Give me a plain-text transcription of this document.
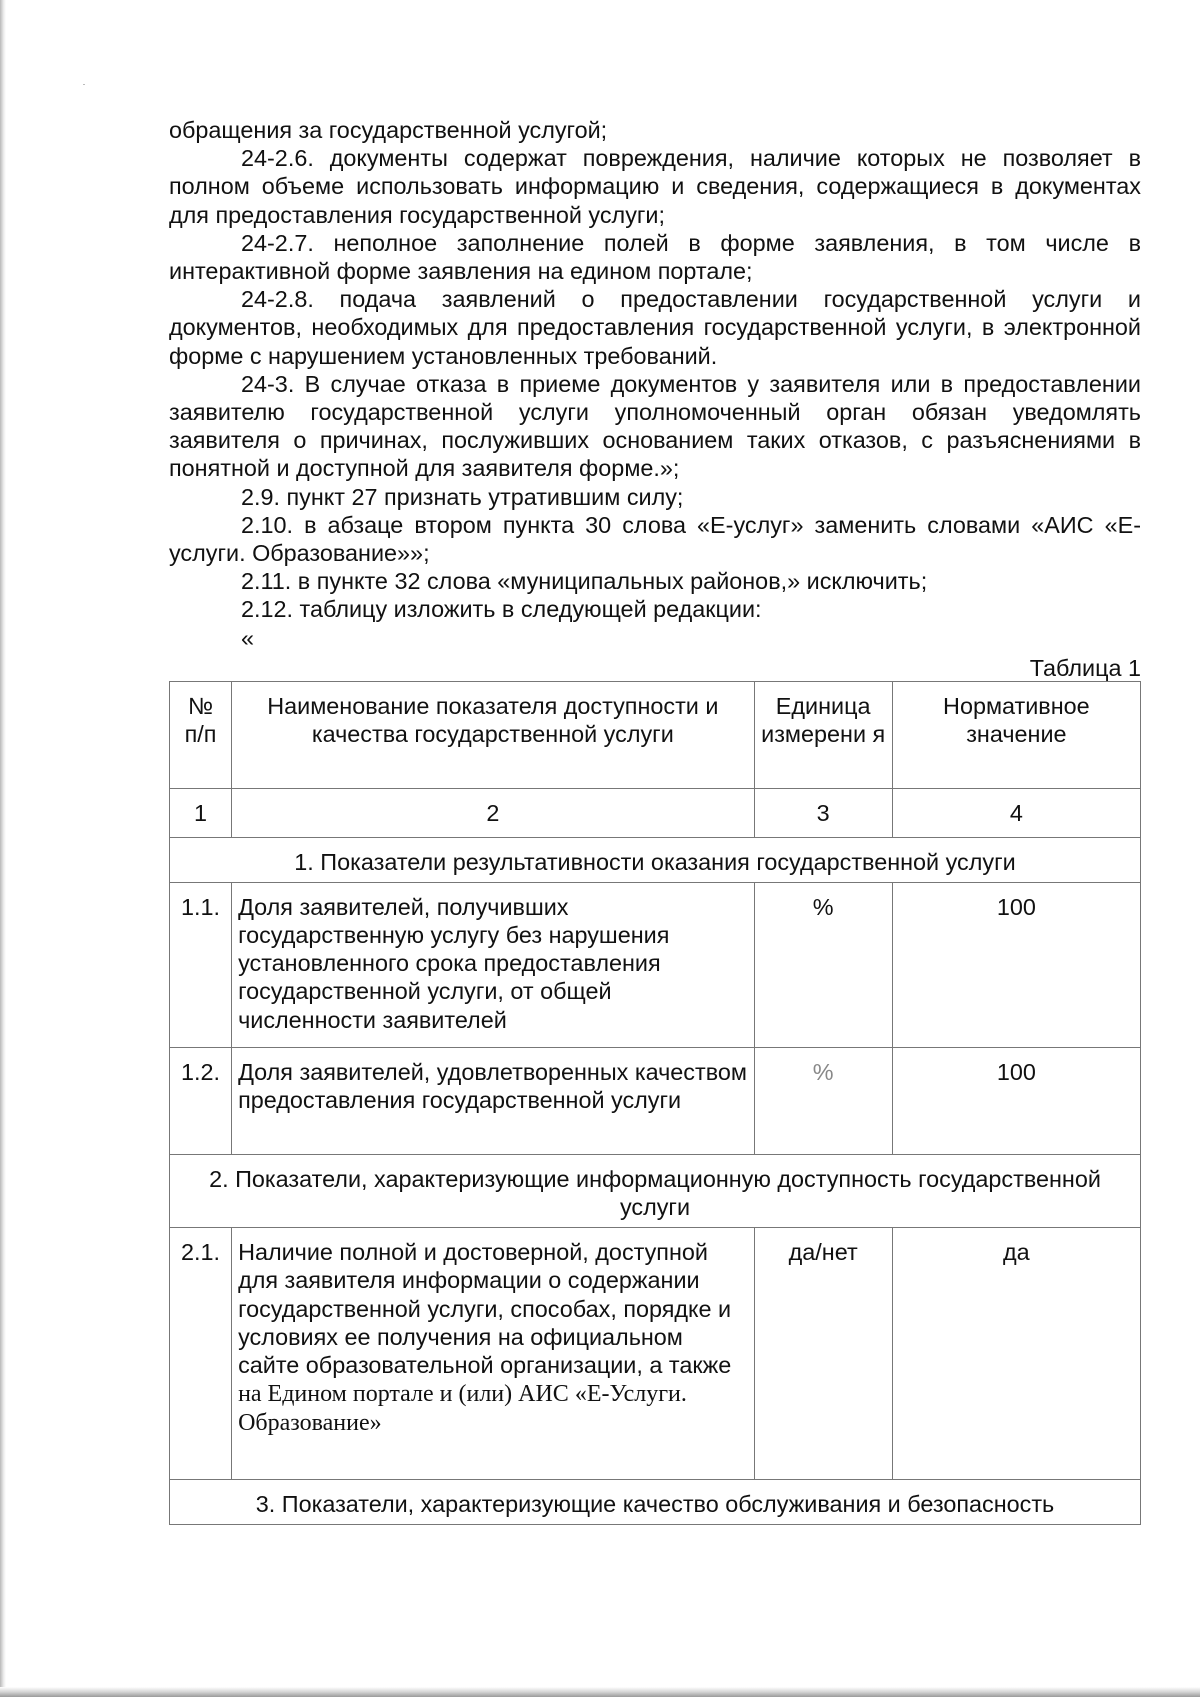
обращения за государственной услугой;

24-2.6. документы содержат повреждения, наличие которых не позволяет в полном объеме использовать информацию и сведения, содержащиеся в документах для предоставления государственной услуги;

24-2.7. неполное заполнение полей в форме заявления, в том числе в интерактивной форме заявления на едином портале;

24-2.8. подача заявлений о предоставлении государственной услуги и документов, необходимых для предоставления государственной услуги, в электронной форме с нарушением установленных требований.

24-3. В случае отказа в приеме документов у заявителя или в предоставлении заявителю государственной услуги уполномоченный орган обязан уведомлять заявителя о причинах, послуживших основанием таких отказов, с разъяснениями в понятной и доступной для заявителя форме.»;

2.9. пункт 27 признать утратившим силу;

2.10. в абзаце втором пункта 30 слова «Е-услуг» заменить словами «АИС «Е-услуги. Образование»»;

2.11. в пункте 32 слова «муниципальных районов,» исключить;

2.12. таблицу изложить в следующей редакции:

«

Таблица 1

№ п/п	Наименование показателя доступности и качества государственной услуги	Единица измерени я	Нормативное значение
1	2	3	4
1. Показатели результативности оказания государственной услуги			
1.1.	Доля заявителей, получивших государственную услугу без нарушения установленного срока предоставления государственной услуги, от общей численности заявителей	%	100
1.2.	Доля заявителей, удовлетворенных качеством предоставления государственной услуги	%	100
2. Показатели, характеризующие информационную доступность государственной услуги			
2.1.	Наличие полной и достоверной, доступной для заявителя информации о содержании государственной услуги, способах, порядке и условиях ее получения на официальном сайте образовательной организации, а также на Едином портале и (или) АИС «Е-Услуги. Образование»	да/нет	да
3. Показатели, характеризующие качество обслуживания и безопасность			
